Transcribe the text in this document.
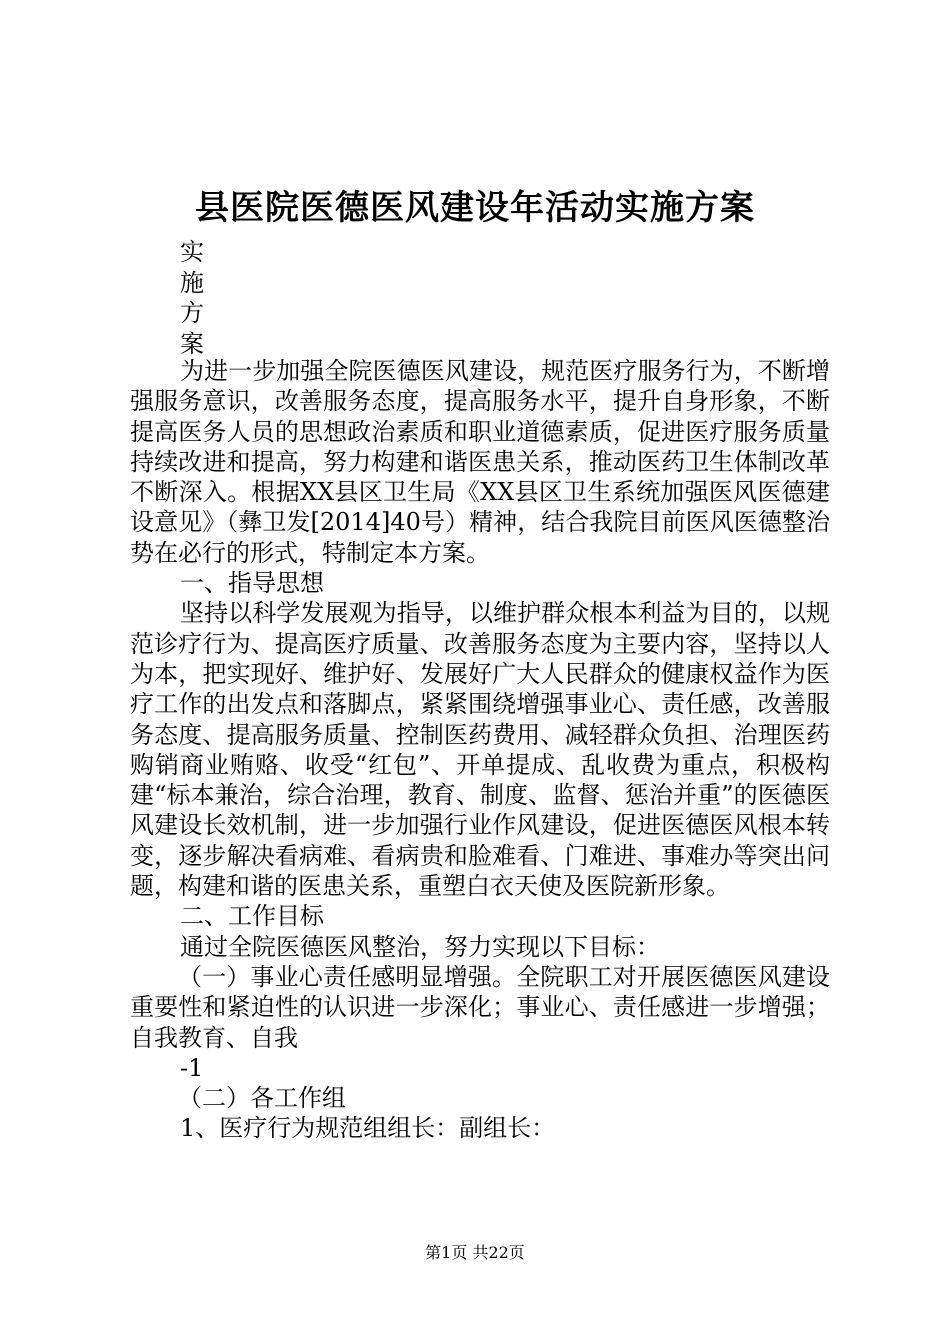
县医院医德医风建设年活动实施方案
实
施
方
案

为进一步加强全院医德医风建设，规范医疗服务行为，不断增强服务意识，改善服务态度，提高服务水平，提升自身形象，不断提高医务人员的思想政治素质和职业道德素质，促进医疗服务质量持续改进和提高，努力构建和谐医患关系，推动医药卫生体制改革不断深入。根据XX县区卫生局《XX县区卫生系统加强医风医德建设意见》（彝卫发[2014]40号）精神，结合我院目前医风医德整治势在必行的形式，特制定本方案。

一、指导思想

坚持以科学发展观为指导，以维护群众根本利益为目的，以规范诊疗行为、提高医疗质量、改善服务态度为主要内容，坚持以人为本，把实现好、维护好、发展好广大人民群众的健康权益作为医疗工作的出发点和落脚点，紧紧围绕增强事业心、责任感，改善服务态度、提高服务质量、控制医药费用、减轻群众负担、治理医药购销商业贿赂、收受“红包”、开单提成、乱收费为重点，积极构建“标本兼治，综合治理，教育、制度、监督、惩治并重”的医德医风建设长效机制，进一步加强行业作风建设，促进医德医风根本转变，逐步解决看病难、看病贵和脸难看、门难进、事难办等突出问题，构建和谐的医患关系，重塑白衣天使及医院新形象。

二、工作目标

通过全院医德医风整治，努力实现以下目标：

（一）事业心责任感明显增强。全院职工对开展医德医风建设重要性和紧迫性的认识进一步深化；事业心、责任感进一步增强；自我教育、自我

-1

（二）各工作组

1、医疗行为规范组组长：副组长：

第1页 共22页
